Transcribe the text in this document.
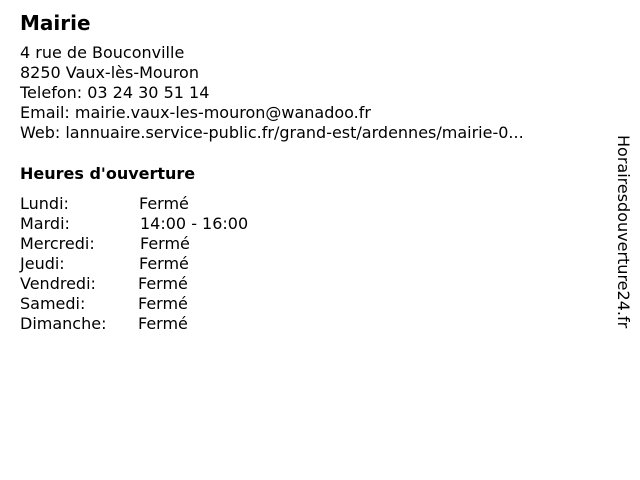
Mairie
4 rue de Bouconville
8250 Vaux-lès-Mouron
Telefon: 03 24 30 51 14
Email: mairie.vaux-les-mouron@wanadoo.fr
Web: lannuaire.service-public.fr/grand-est/ardennes/mairie-0...
Heures d'ouverture
Lundi:	Fermé
Mardi:	14:00 - 16:00
Mercredi:	Fermé
Jeudi:	Fermé
Vendredi:	Fermé
Samedi:	Fermé
Dimanche: Fermé	Horairesdouverture24.fr
